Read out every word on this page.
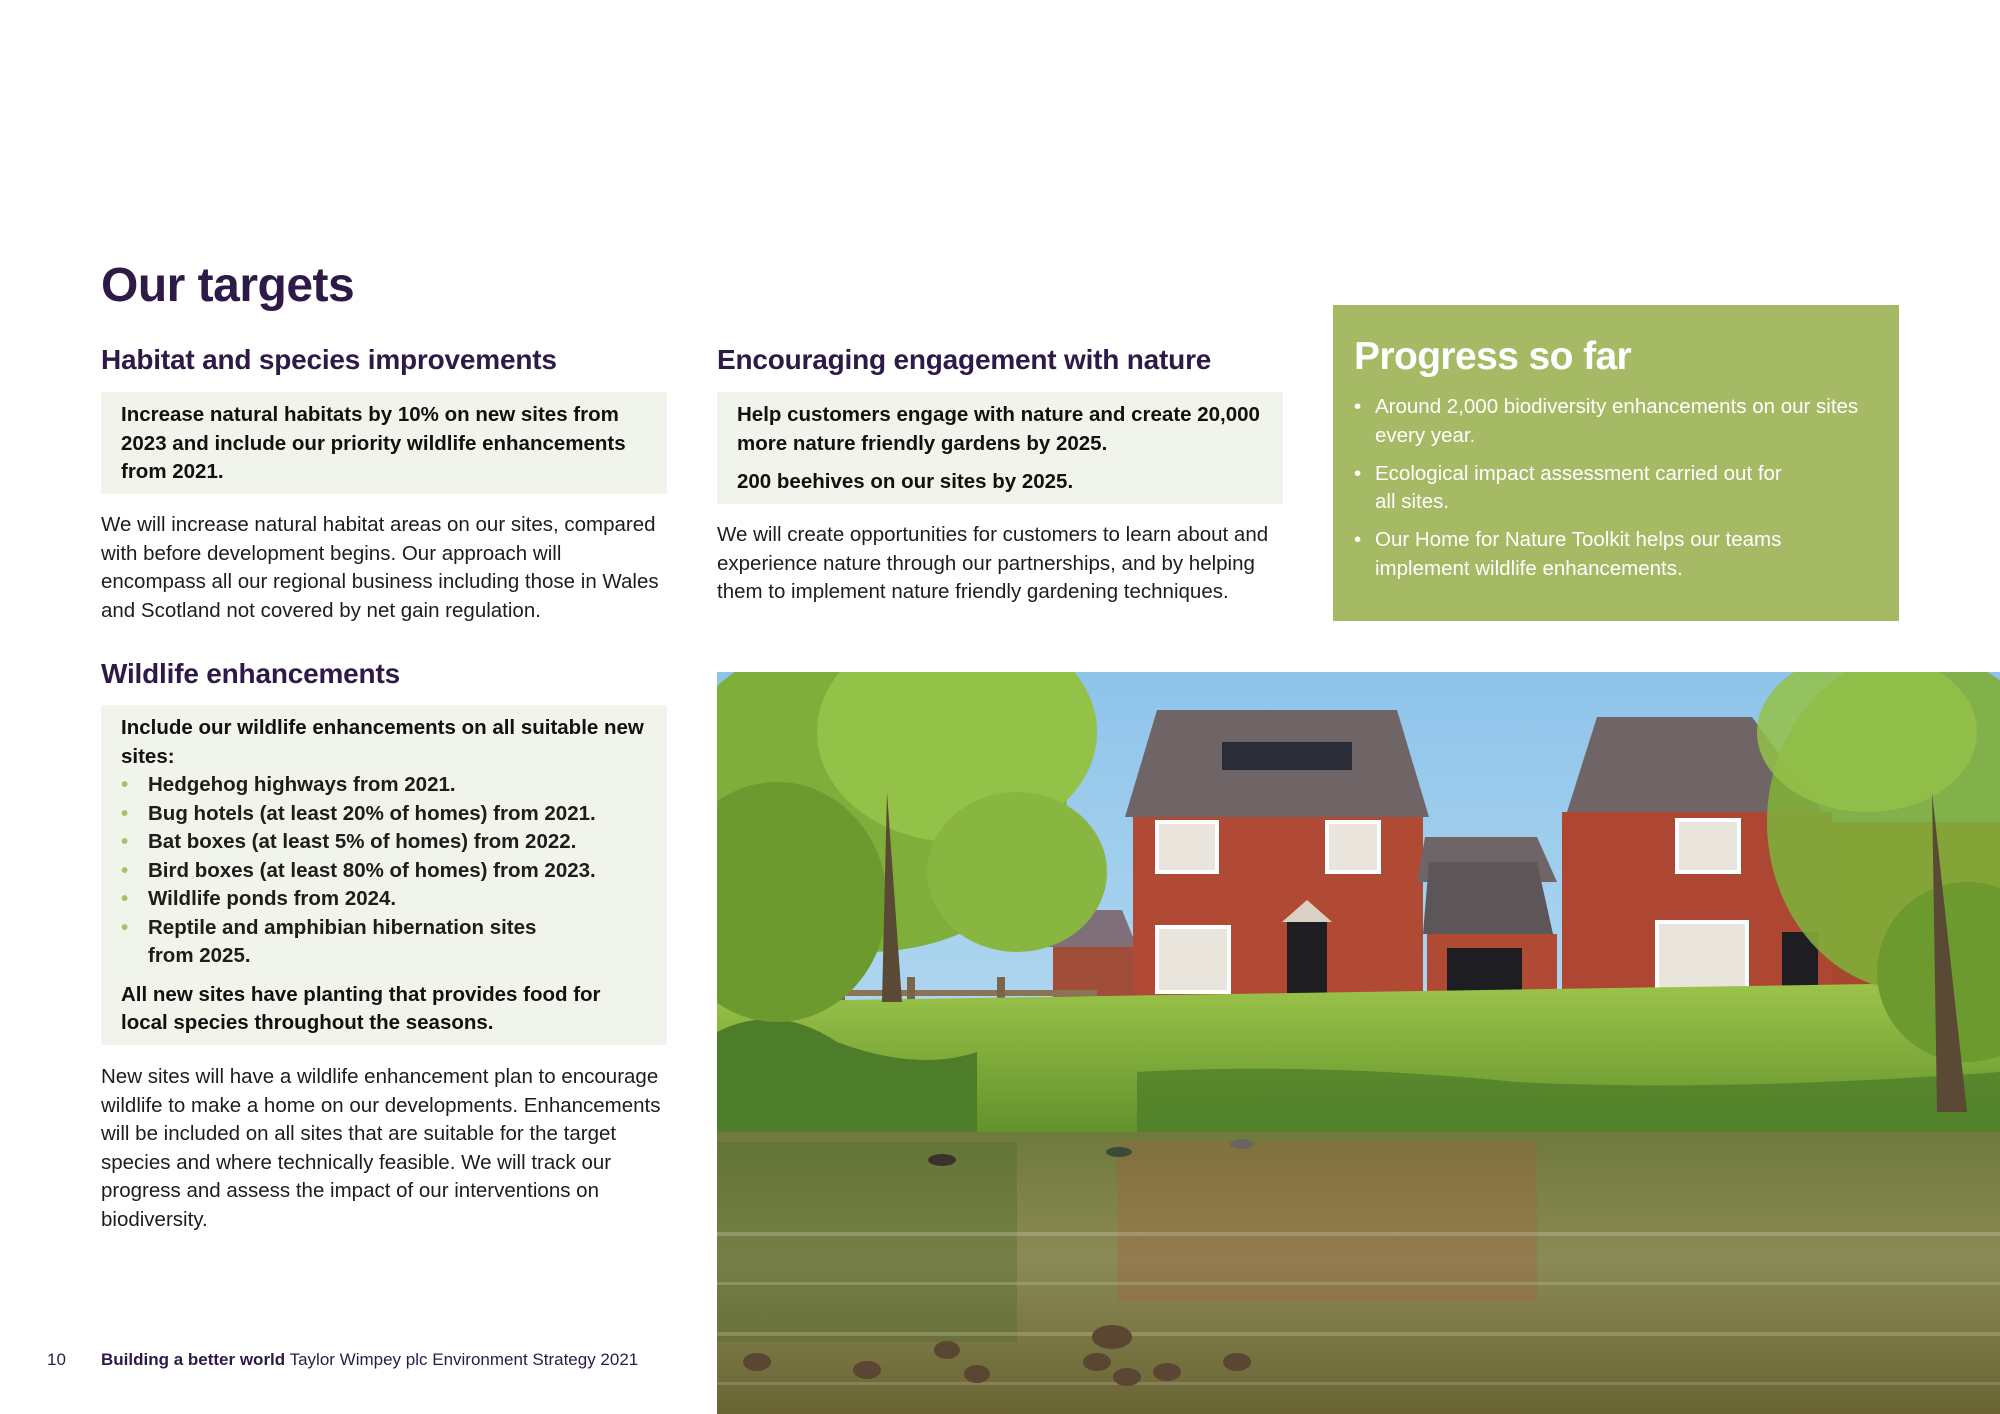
Our targets
Habitat and species improvements

Increase natural habitats by 10% on new sites from 2023 and include our priority wildlife enhancements from 2021.

We will increase natural habitat areas on our sites, compared with before development begins. Our approach will encompass all our regional business including those in Wales and Scotland not covered by net gain regulation.

Wildlife enhancements

Include our wildlife enhancements on all suitable new sites:

• Hedgehog highways from 2021.
• Bug hotels (at least 20% of homes) from 2021.
• Bat boxes (at least 5% of homes) from 2022.
• Bird boxes (at least 80% of homes) from 2023.
• Wildlife ponds from 2024.
• Reptile and amphibian hibernation sites from 2025.

All new sites have planting that provides food for local species throughout the seasons.

New sites will have a wildlife enhancement plan to encourage wildlife to make a home on our developments. Enhancements will be included on all sites that are suitable for the target species and where technically feasible. We will track our progress and assess the impact of our interventions on biodiversity.

Encouraging engagement with nature

Help customers engage with nature and create 20,000 more nature friendly gardens by 2025.

200 beehives on our sites by 2025.

We will create opportunities for customers to learn about and experience nature through our partnerships, and by helping them to implement nature friendly gardening techniques.

Progress so far
• Around 2,000 biodiversity enhancements on our sites every year.
• Ecological impact assessment carried out for all sites.
• Our Home for Nature Toolkit helps our teams implement wildlife enhancements.
10 Building a better world Taylor Wimpey plc Environment Strategy 2021
